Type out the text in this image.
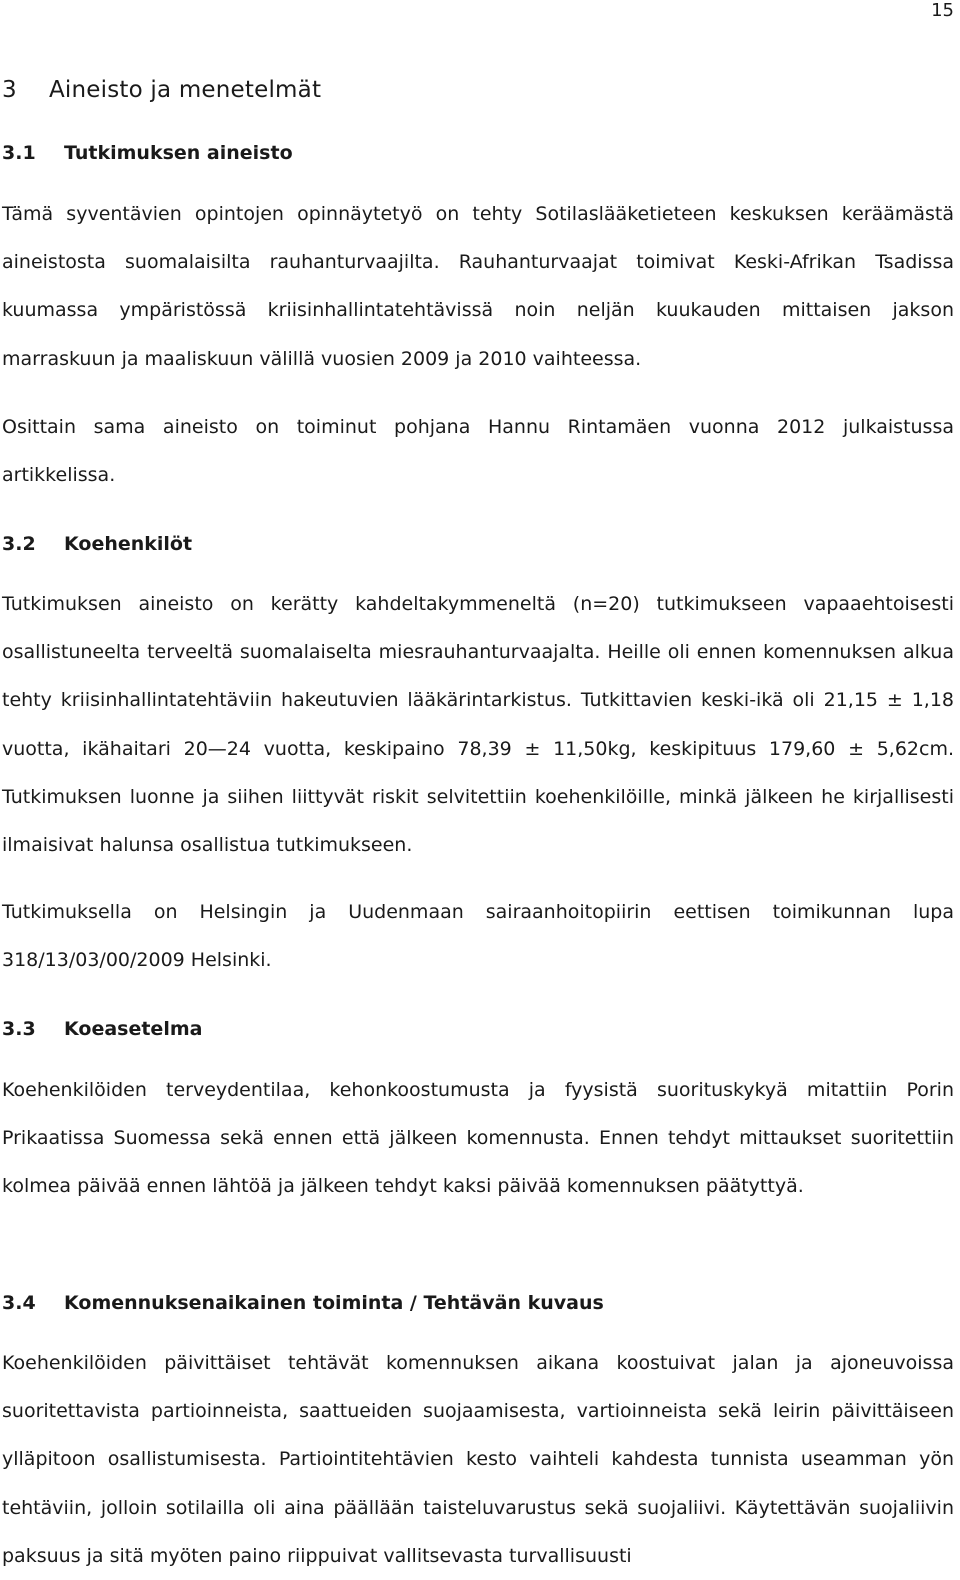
15
3 Aineisto ja menetelmät
3.1 Tutkimuksen aineisto

Tämä syventävien opintojen opinnäytetyö on tehty Sotilaslääketieteen keskuksen keräämästä aineistosta suomalaisilta rauhanturvaajilta. Rauhanturvaajat toimivat Keski-Afrikan Tsadissa kuumassa ympäristössä kriisinhallintatehtävissä noin neljän kuukauden mittaisen jakson marraskuun ja maaliskuun välillä vuosien 2009 ja 2010 vaihteessa.

Osittain sama aineisto on toiminut pohjana Hannu Rintamäen vuonna 2012 julkaistussa artikkelissa.

3.2 Koehenkilöt

Tutkimuksen aineisto on kerätty kahdeltakymmeneltä (n=20) tutkimukseen vapaaehtoisesti osallistuneelta terveeltä suomalaiselta miesrauhanturvaajalta. Heille oli ennen komennuksen alkua tehty kriisinhallintatehtäviin hakeutuvien lääkärintarkistus. Tutkittavien keski-ikä oli 21,15 ± 1,18 vuotta, ikähaitari 20—24 vuotta, keskipaino 78,39 ± 11,50kg, keskipituus 179,60 ± 5,62cm. Tutkimuksen luonne ja siihen liittyvät riskit selvitettiin koehenkilöille, minkä jälkeen he kirjallisesti ilmaisivat halunsa osallistua tutkimukseen.

Tutkimuksella on Helsingin ja Uudenmaan sairaanhoitopiirin eettisen toimikunnan lupa 318/13/03/00/2009 Helsinki.

3.3 Koeasetelma

Koehenkilöiden terveydentilaa, kehonkoostumusta ja fyysistä suorituskykyä mitattiin Porin Prikaatissa Suomessa sekä ennen että jälkeen komennusta. Ennen tehdyt mittaukset suoritettiin kolmea päivää ennen lähtöä ja jälkeen tehdyt kaksi päivää komennuksen päätyttyä.

3.4 Komennuksenaikainen toiminta / Tehtävän kuvaus

Koehenkilöiden päivittäiset tehtävät komennuksen aikana koostuivat jalan ja ajoneuvoissa suoritettavista partioinneista, saattueiden suojaamisesta, vartioinneista sekä leirin päivittäiseen ylläpitoon osallistumisesta. Partiointitehtävien kesto vaihteli kahdesta tunnista useamman yön tehtäviin, jolloin sotilailla oli aina päällään taisteluvarustus sekä suojaliivi. Käytettävän suojaliivin paksuus ja sitä myöten paino riippuivat vallitsevasta turvallisuusti
